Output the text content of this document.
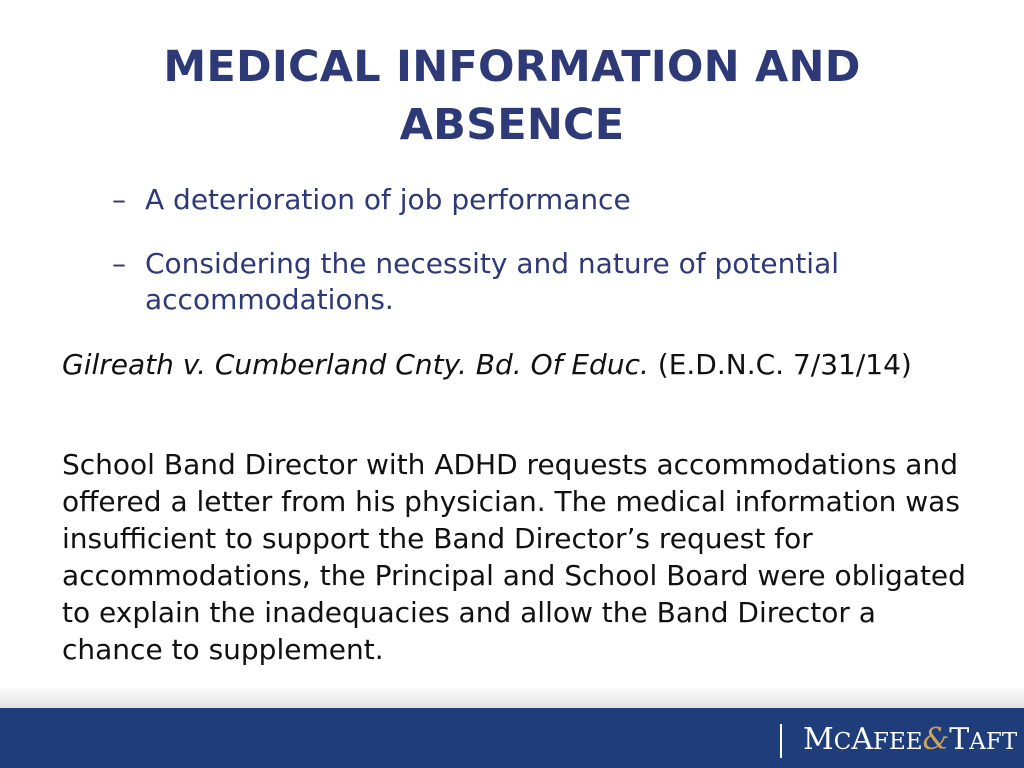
MEDICAL INFORMATION AND
ABSENCE
– A deterioration of job performance
– Considering the necessity and nature of potential accommodations.

Gilreath v. Cumberland Cnty. Bd. Of Educ. (E.D.N.C. 7/31/14)

School Band Director with ADHD requests accommodations and offered a letter from his physician. The medical information was insufficient to support the Band Director’s request for accommodations, the Principal and School Board were obligated to explain the inadequacies and allow the Band Director a chance to supplement.

MCAFEE&TAFT
